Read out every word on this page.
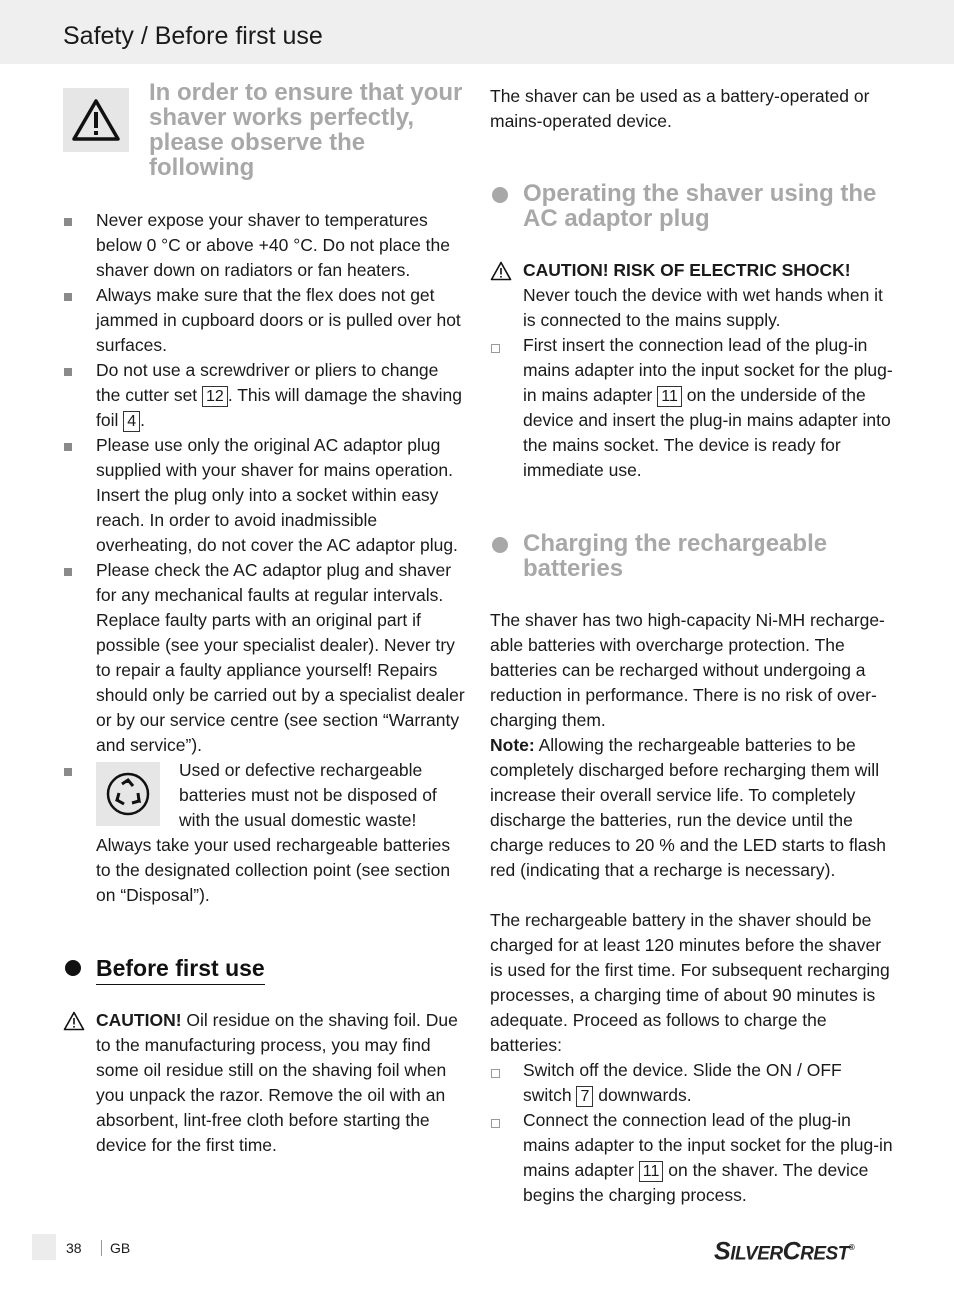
Safety / Before first use
In order to ensure that your shaver works perfectly, please observe the following
Never expose your shaver to temperatures below 0 °C or above +40 °C. Do not place the shaver down on radiators or fan heaters.
Always make sure that the flex does not get jammed in cupboard doors or is pulled over hot surfaces.
Do not use a screwdriver or pliers to change the cutter set 12 . This will damage the shaving foil 4 .
Please use only the original AC adaptor plug supplied with your shaver for mains operation. Insert the plug only into a socket within easy reach. In order to avoid inadmissible overheating, do not cover the AC adaptor plug.
Please check the AC adaptor plug and shaver for any mechanical faults at regular intervals. Replace faulty parts with an original part if possible (see your specialist dealer). Never try to repair a faulty appliance yourself! Repairs should only be carried out by a specialist dealer or by our service centre (see section “Warranty and service”).
Used or defective rechargeable batteries must not be disposed of with the usual domestic waste! Always take your used rechargeable batteries to the designated collection point (see section on “Disposal”).
Before first use
CAUTION! Oil residue on the shaving foil. Due to the manufacturing process, you may find some oil residue still on the shaving foil when you unpack the razor. Remove the oil with an absorbent, lint-free cloth before starting the device for the first time.
The shaver can be used as a battery-operated or mains-operated device.
Operating the shaver using the AC adaptor plug
CAUTION! RISK OF ELECTRIC SHOCK!
Never touch the device with wet hands when it is connected to the mains supply.
First insert the connection lead of the plug-in mains adapter into the input socket for the plug-in mains adapter 11 on the underside of the device and insert the plug-in mains adapter into the mains socket. The device is ready for immediate use.
Charging the rechargeable batteries
The shaver has two high-capacity Ni-MH recharge-able batteries with overcharge protection. The batteries can be recharged without undergoing a reduction in performance. There is no risk of over-charging them.
Note: Allowing the rechargeable batteries to be completely discharged before recharging them will increase their overall service life. To completely discharge the batteries, run the device until the charge reduces to 20 % and the LED starts to flash red (indicating that a recharge is necessary).
The rechargeable battery in the shaver should be charged for at least 120 minutes before the shaver is used for the first time. For subsequent recharging processes, a charging time of about 90 minutes is adequate. Proceed as follows to charge the batteries:
Switch off the device. Slide the ON / OFF switch 7 downwards.
Connect the connection lead of the plug-in mains adapter to the input socket for the plug-in mains adapter 11 on the shaver. The device begins the charging process.
38	GB	SILVERCREST®
